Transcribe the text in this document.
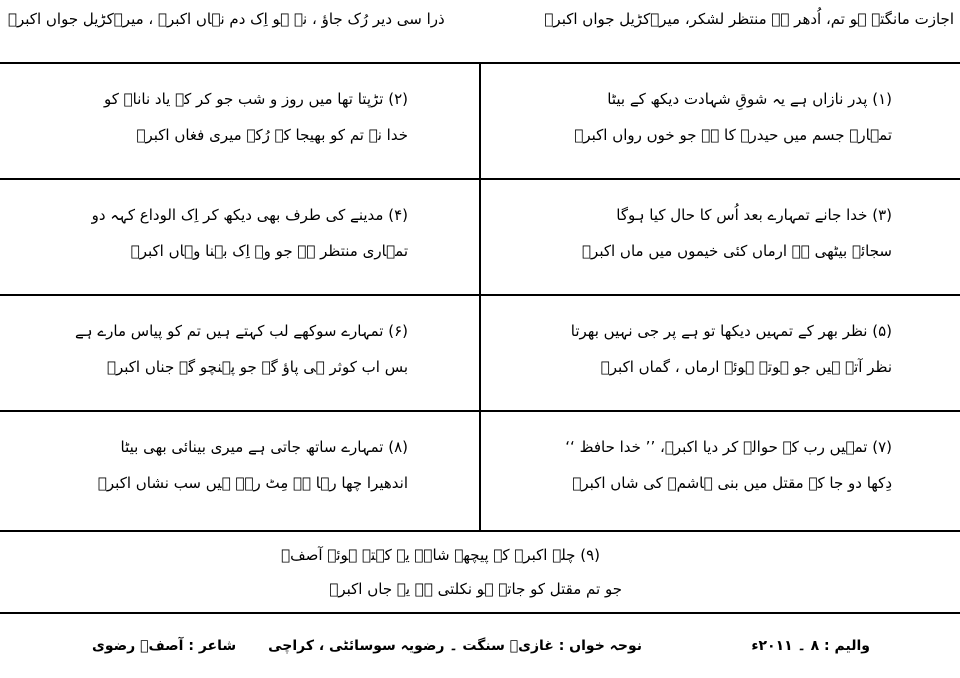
اجازت مانگتے ہو تم، اُدھر ہے منتظر لشکر، میرےکڑیل جواں اکبرؑ
ذرا سی دیر رُک جاؤ ، نہ ہو اِک دم نہاں اکبرؑ ، میرےکڑیل جواں اکبرؑ
(۱) پدر نازاں ہے یہ شوقِ شہادت دیکھ کے بیٹا
تمہارے جسم میں حیدرؑ کا ہے جو خوں رواں اکبرؑ
(۲) تڑپتا تھا میں روز و شب جو کر کے یاد ناناؐ کو
خدا نے تم کو بھیجا کہ رُکے میری فغاں اکبرؑ
(۳) خدا جانے تمہارے بعد اُس کا حال کیا ہوگا
سجائے بیٹھی ہے ارماں کئی خیموں میں ماں اکبرؑ
(۴) مدینے کی طرف بھی دیکھ کر اِک الوداع کہہ دو
تمہاری منتظر ہے جو وہ اِک بہنا وہاں اکبرؑ
(۵) نظر بھر کے تمہیں دیکھا تو ہے پر جی نہیں بھرتا
نظر آتے ہیں جو ہوتے ہوئے ارماں ، گماں اکبرؑ
(۶) تمہارے سوکھے لب کہتے ہیں تم کو پیاس مارے ہے
بس اب کوثر ہی پاؤ گے جو پہنچو گے جناں اکبرؑ
(۷) تمہیں رب کے حوالے کر دیا اکبرؑ، ’’ خدا حافظ ‘‘
دِکھا دو جا کے مقتل میں بنی ہاشمؑ کی شاں اکبرؑ
(۸) تمہارے ساتھ جاتی ہے میری بینائی بھی بیٹا
اندھیرا چھا رہا ہے مِٹ رہے ہیں سب نشاں اکبرؑ
(۹) چلے اکبرؑ کے پیچھے شاہؑ یہ کہتے ہوئے آصفؔ
جو تم مقتل کو جاتے ہو نکلتی ہے یہ جاں اکبرؑ
والیم : ۸ ۔ ۲۰۱۱ء
نوحہ خواں : غازیؑ سنگت ۔ رضویہ سوسائٹی ، کراچی
شاعر : آصفؔ رضوی
